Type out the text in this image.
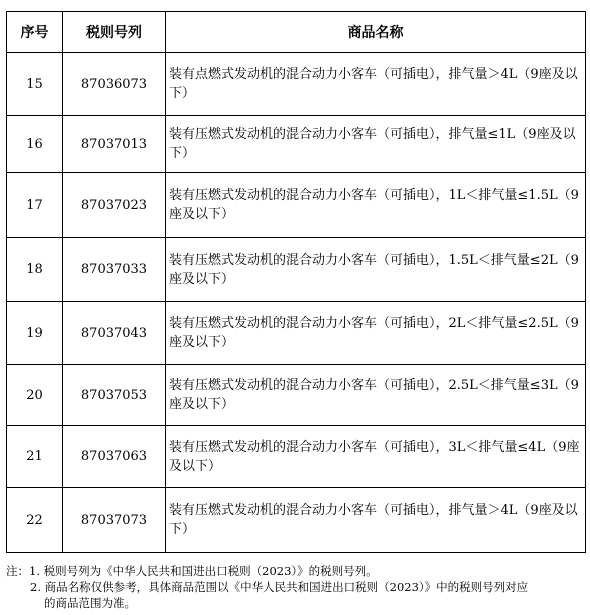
序号	税则号列	商品名称
15	87036073	装有点燃式发动机的混合动力小客车（可插电），排气量＞4L（9座及以下）
16	87037013	装有压燃式发动机的混合动力小客车（可插电），排气量≤1L（9座及以下）
17	87037023	装有压燃式发动机的混合动力小客车（可插电），1L＜排气量≤1.5L（9座及以下）
18	87037033	装有压燃式发动机的混合动力小客车（可插电），1.5L＜排气量≤2L（9座及以下）
19	87037043	装有压燃式发动机的混合动力小客车（可插电），2L＜排气量≤2.5L（9座及以下）
20	87037053	装有压燃式发动机的混合动力小客车（可插电），2.5L＜排气量≤3L（9座及以下）
21	87037063	装有压燃式发动机的混合动力小客车（可插电），3L＜排气量≤4L（9座及以下）
22	87037073	装有压燃式发动机的混合动力小客车（可插电），排气量＞4L（9座及以下）
注：1. 税则号列为《中华人民共和国进出口税则（2023）》的税则号列。
2. 商品名称仅供参考，具体商品范围以《中华人民共和国进出口税则（2023）》中的税则号列对应
的商品范围为准。
